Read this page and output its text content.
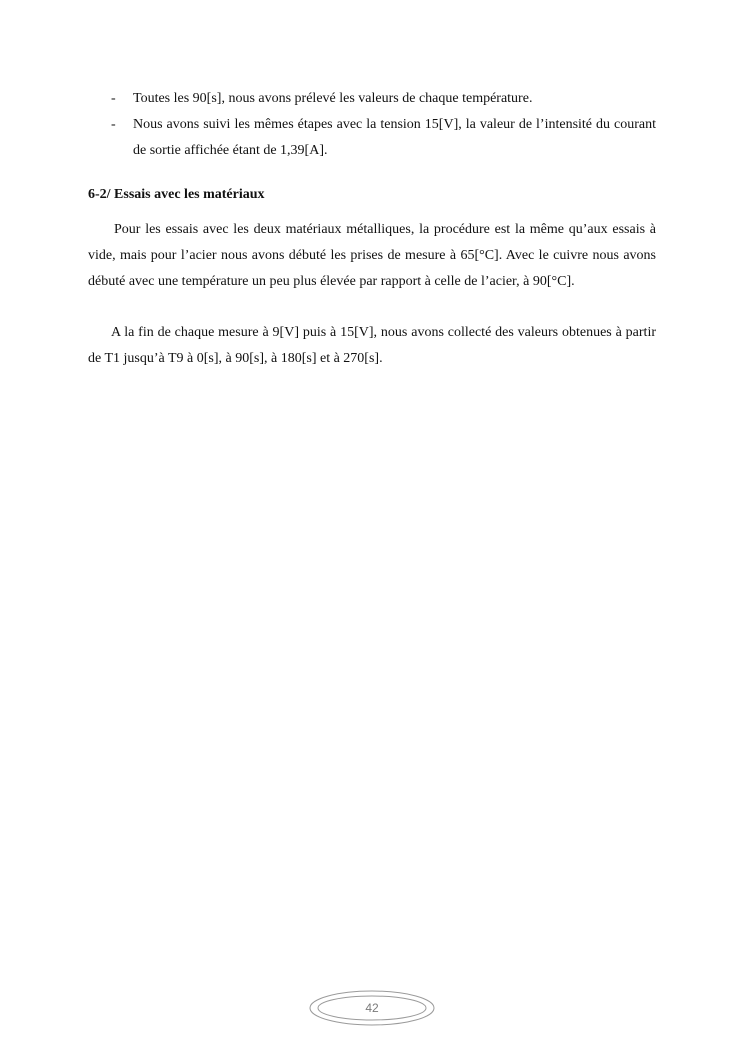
- Toutes les 90[s], nous avons prélevé les valeurs de chaque température.
- Nous avons suivi les mêmes étapes avec la tension 15[V], la valeur de l’intensité du courant de sortie affichée étant de 1,39[A].
6-2/ Essais avec les matériaux

Pour les essais avec les deux matériaux métalliques, la procédure est la même qu’aux essais à vide, mais pour l’acier nous avons débuté les prises de mesure à 65[°C]. Avec le cuivre nous avons débuté avec une température un peu plus élevée par rapport à celle de l’acier, à 90[°C].

A la fin de chaque mesure à 9[V] puis à 15[V], nous avons collecté des valeurs obtenues à partir de T1 jusqu’à T9 à 0[s], à 90[s], à 180[s] et à 270[s].

42
